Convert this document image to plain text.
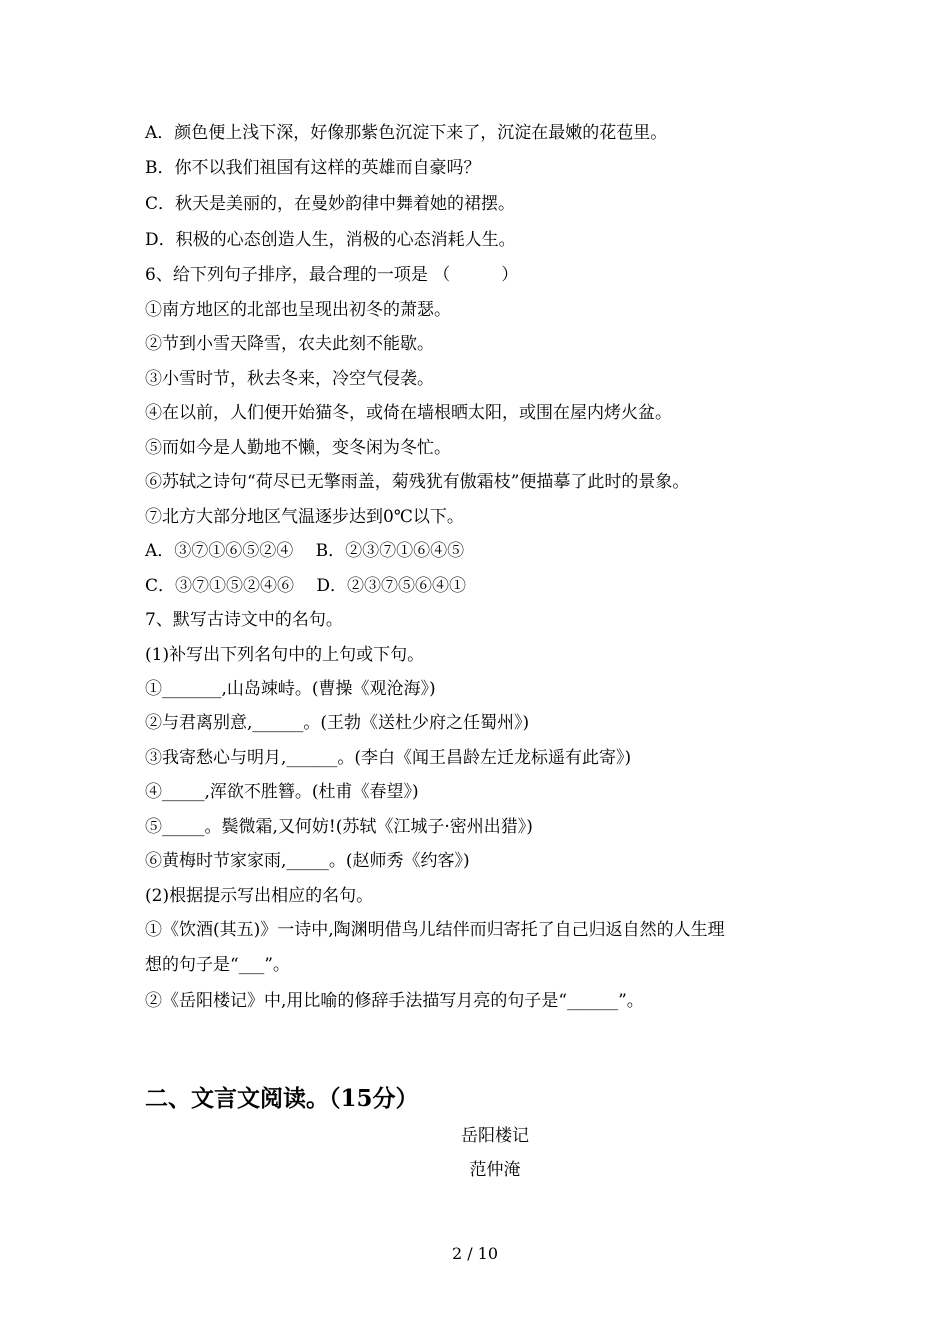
A．颜色便上浅下深，好像那紫色沉淀下来了，沉淀在最嫩的花苞里。
B．你不以我们祖国有这样的英雄而自豪吗？
C．秋天是美丽的，在曼妙韵律中舞着她的裙摆。
D．积极的心态创造人生，消极的心态消耗人生。
6、给下列句子排序，最合理的一项是 （　　　）
①南方地区的北部也呈现出初冬的萧瑟。
②节到小雪天降雪，农夫此刻不能歇。
③小雪时节，秋去冬来，冷空气侵袭。
④在以前，人们便开始猫冬，或倚在墙根晒太阳，或围在屋内烤火盆。
⑤而如今是人勤地不懒，变冬闲为冬忙。
⑥苏轼之诗句“荷尽已无擎雨盖，菊残犹有傲霜枝”便描摹了此时的景象。
⑦北方大部分地区气温逐步达到0℃以下。
A．③⑦①⑥⑤②④　 B．②③⑦①⑥④⑤
C．③⑦①⑤②④⑥　 D．②③⑦⑤⑥④①
7、默写古诗文中的名句。
(1)补写出下列名句中的上句或下句。
①_______,山岛竦峙。(曹操《观沧海》)
②与君离别意,______。(王勃《送杜少府之任蜀州》)
③我寄愁心与明月,______。(李白《闻王昌龄左迁龙标遥有此寄》)
④_____,浑欲不胜簪。(杜甫《春望》)
⑤_____。鬓微霜,又何妨!(苏轼《江城子·密州出猎》)
⑥黄梅时节家家雨,_____。(赵师秀《约客》)
(2)根据提示写出相应的名句。
①《饮酒(其五)》一诗中,陶渊明借鸟儿结伴而归寄托了自己归返自然的人生理
想的句子是“___”。
②《岳阳楼记》中,用比喻的修辞手法描写月亮的句子是“______”。
二、文言文阅读。（15分）
岳阳楼记
范仲淹
2 / 10
